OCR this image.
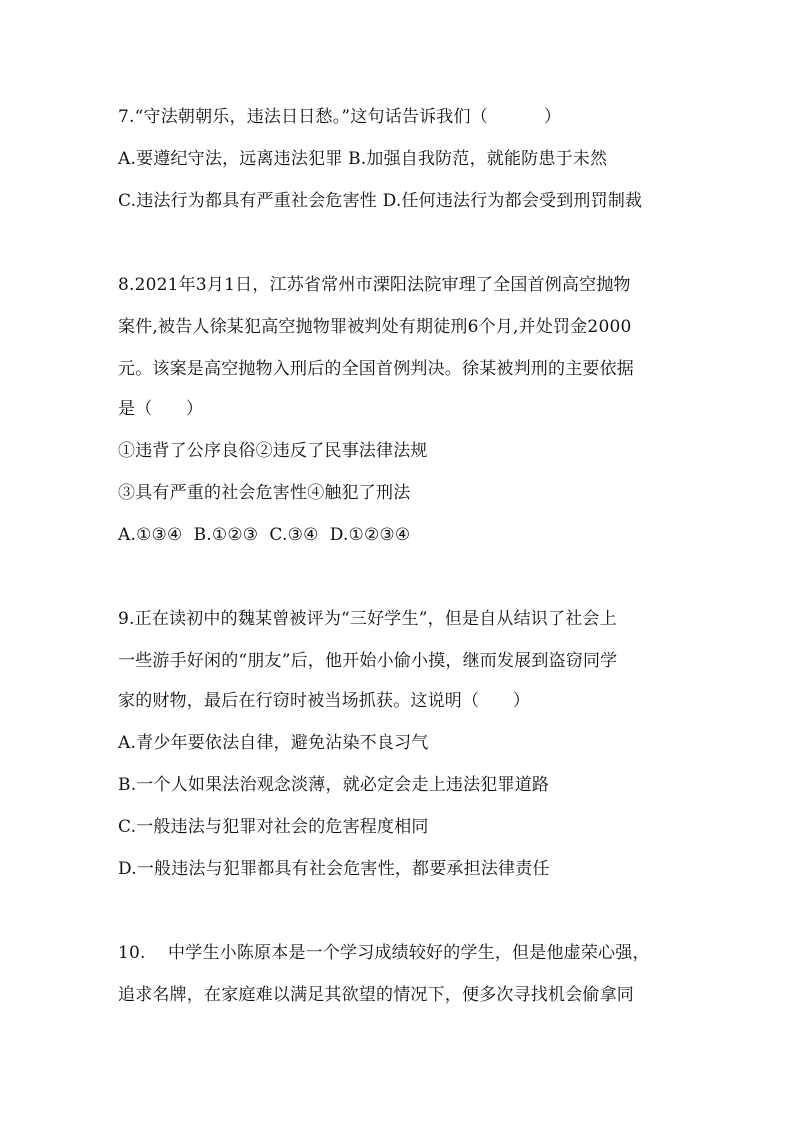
7.“守法朝朝乐，违法日日愁。”这句话告诉我们（          ）
A.要遵纪守法，远离违法犯罪 B.加强自我防范，就能防患于未然
C.违法行为都具有严重社会危害性 D.任何违法行为都会受到刑罚制裁
8.2021年3月1日，江苏省常州市溧阳法院审理了全国首例高空抛物
案件,被告人徐某犯高空抛物罪被判处有期徒刑6个月,并处罚金2000
元。该案是高空抛物入刑后的全国首例判决。徐某被判刑的主要依据
是（      ）
①违背了公序良俗②违反了民事法律法规
③具有严重的社会危害性④触犯了刑法
A.①③④  B.①②③  C.③④  D.①②③④
9.正在读初中的魏某曾被评为“三好学生”，但是自从结识了社会上
一些游手好闲的“朋友”后，他开始小偷小摸，继而发展到盗窃同学
家的财物，最后在行窃时被当场抓获。这说明（      ）
A.青少年要依法自律，避免沾染不良习气
B.一个人如果法治观念淡薄，就必定会走上违法犯罪道路
C.一般违法与犯罪对社会的危害程度相同
D.一般违法与犯罪都具有社会危害性，都要承担法律责任
10.    中学生小陈原本是一个学习成绩较好的学生，但是他虚荣心强，
追求名牌，在家庭难以满足其欲望的情况下，便多次寻找机会偷拿同
